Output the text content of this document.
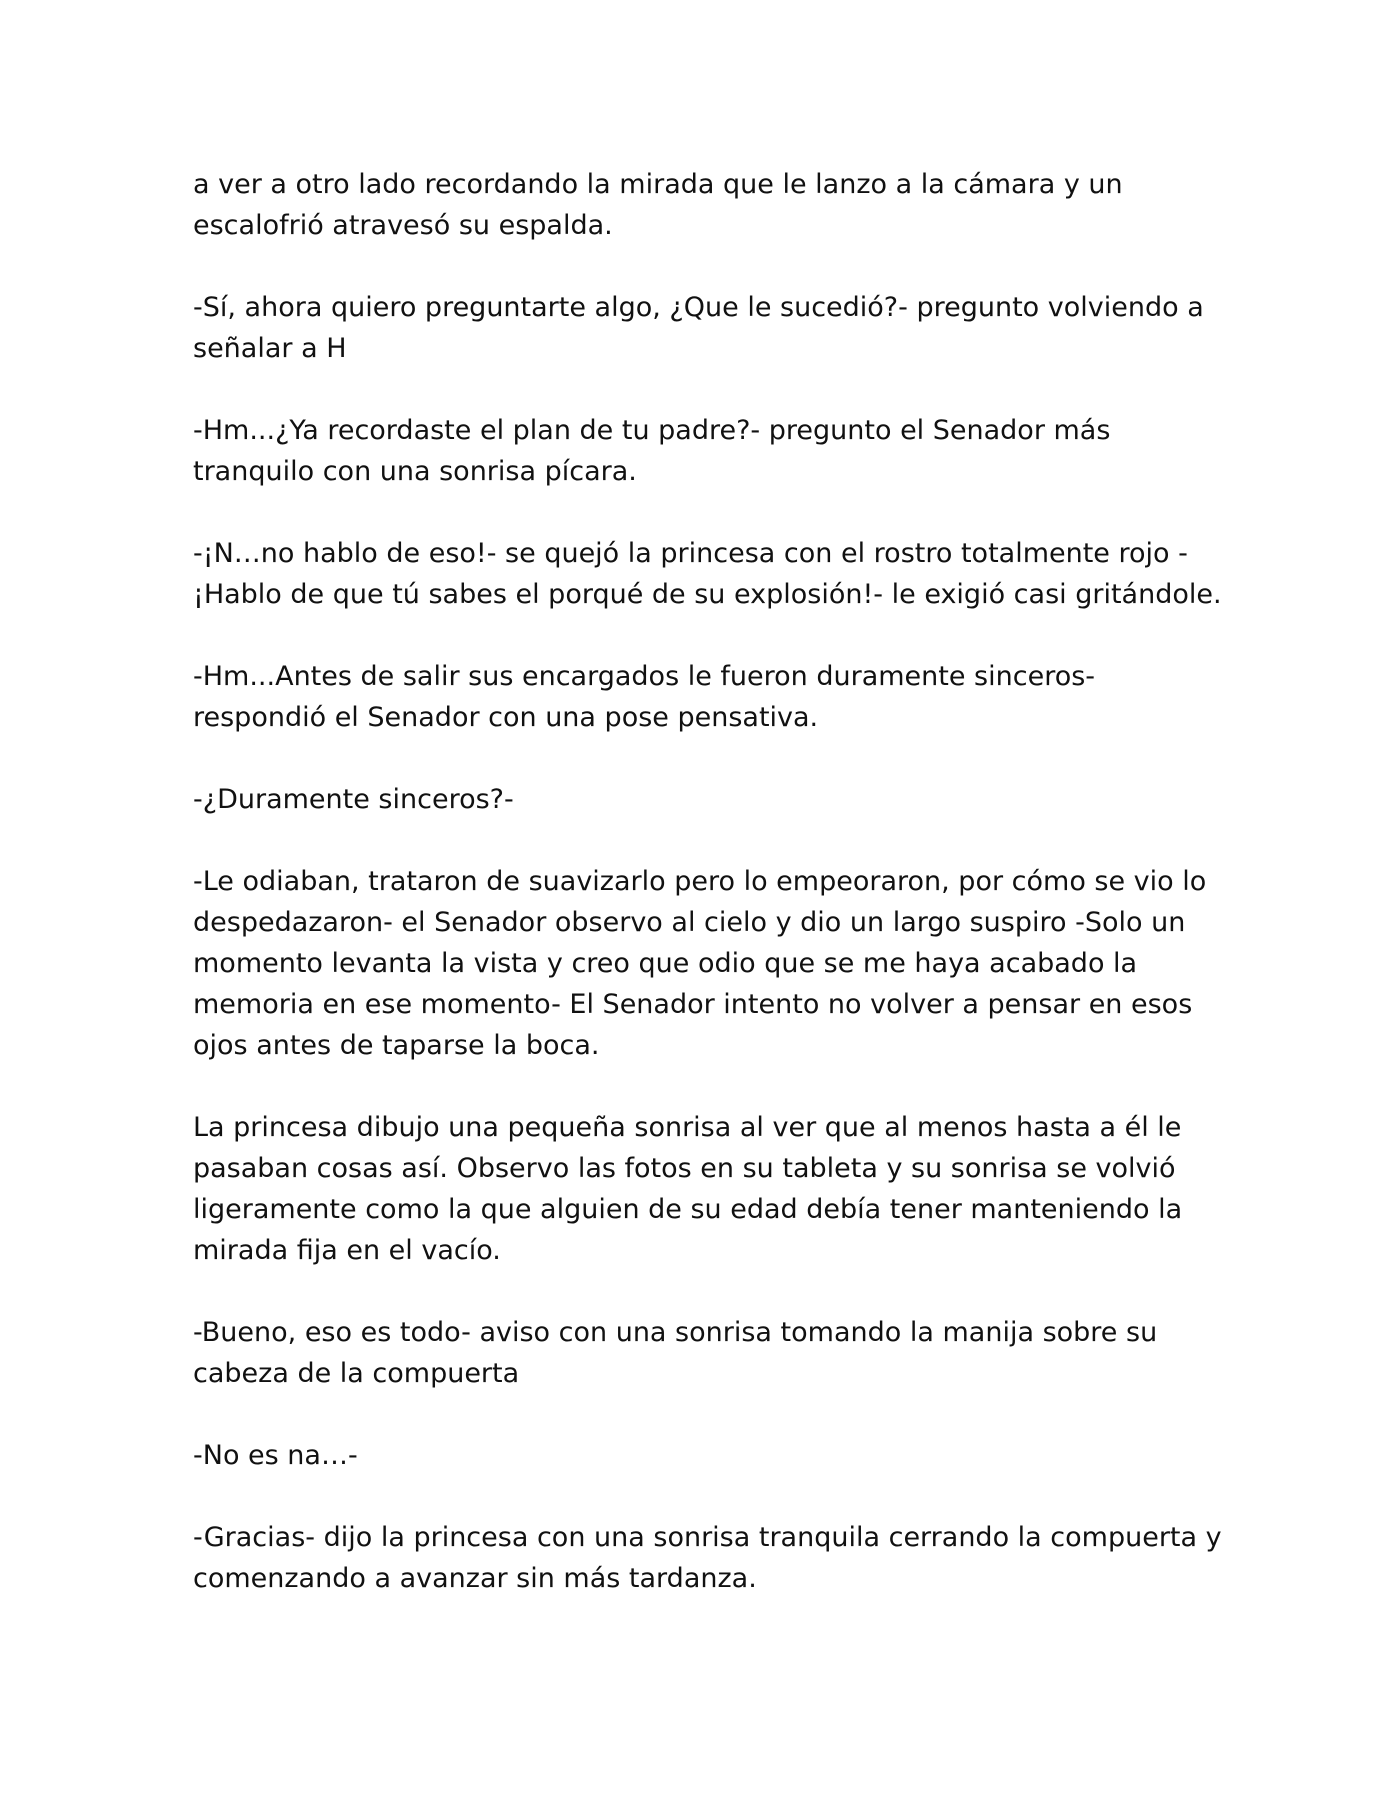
a ver a otro lado recordando la mirada que le lanzo a la cámara y un escalofrió atravesó su espalda.

-Sí, ahora quiero preguntarte algo, ¿Que le sucedió?- pregunto volviendo a señalar a H

-Hm...¿Ya recordaste el plan de tu padre?- pregunto el Senador más tranquilo con una sonrisa pícara.

-¡N…no hablo de eso!- se quejó la princesa con el rostro totalmente rojo - ¡Hablo de que tú sabes el porqué de su explosión!- le exigió casi gritándole.

-Hm...Antes de salir sus encargados le fueron duramente sinceros- respondió el Senador con una pose pensativa.

-¿Duramente sinceros?-

-Le odiaban, trataron de suavizarlo pero lo empeoraron, por cómo se vio lo despedazaron- el Senador observo al cielo y dio un largo suspiro -Solo un momento levanta la vista y creo que odio que se me haya acabado la memoria en ese momento- El Senador intento no volver a pensar en esos ojos antes de taparse la boca.

La princesa dibujo una pequeña sonrisa al ver que al menos hasta a él le pasaban cosas así. Observo las fotos en su tableta y su sonrisa se volvió ligeramente como la que alguien de su edad debía tener manteniendo la mirada fija en el vacío.

-Bueno, eso es todo- aviso con una sonrisa tomando la manija sobre su cabeza de la compuerta

-No es na…-

-Gracias- dijo la princesa con una sonrisa tranquila cerrando la compuerta y comenzando a avanzar sin más tardanza.
